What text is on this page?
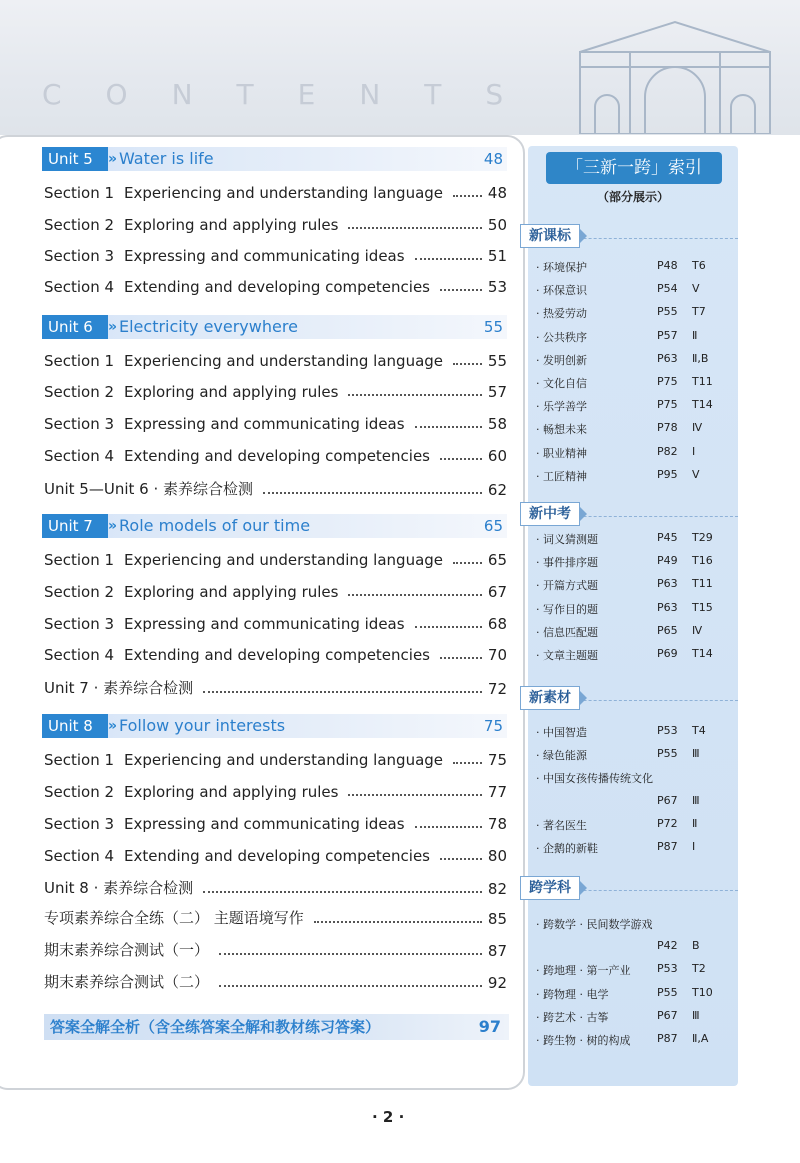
CONTENTS
答案全解全析（含全练答案全解和教材练习答案）	97
「三新一跨」索引
（部分展示）
新课标
· 环境保护	P48 T6
· 环保意识	P54 Ⅴ
· 热爱劳动	P55 T7
· 公共秩序	P57 Ⅱ
· 发明创新	P63 Ⅱ,B
· 文化自信	P75 T11
· 乐学善学	P75 T14
· 畅想未来	P78 Ⅳ
· 职业精神	P82 Ⅰ
· 工匠精神	P95 Ⅴ
新中考
· 词义猜测题	P45 T29
· 事件排序题	P49 T16
· 开篇方式题	P63 T11
· 写作目的题	P63 T15
· 信息匹配题	P65 Ⅳ
· 文章主题题	P69 T14
新素材
· 中国智造	P53 T4
· 绿色能源	P55 Ⅲ
· 中国女孩传播传统文化
P67 Ⅲ
· 著名医生	P72 Ⅱ
· 企鹅的新鞋	P87 Ⅰ
跨学科
· 跨数学 · 民间数学游戏
P42 B
· 跨地理 · 第一产业 P53 T2
· 跨物理 · 电学	P55 T10
· 跨艺术 · 古筝	P67 Ⅲ
· 跨生物 · 树的构成 P87 Ⅱ,A
· 2 ·
Unit 5	» Water is life	48
Section 1 Experiencing and understanding language	48
Section 2 Exploring and applying rules	50
Section 3 Expressing and communicating ideas	51
Section 4 Extending and developing competencies	53
Unit 6	» Electricity everywhere	55
Section 1 Experiencing and understanding language	55
Section 2 Exploring and applying rules	57
Section 3 Expressing and communicating ideas	58
Section 4 Extending and developing competencies	60
Unit 7	» Role models of our time	65
Section 1 Experiencing and understanding language	65
Section 2 Exploring and applying rules	67
Section 3 Expressing and communicating ideas	68
Section 4 Extending and developing competencies	70
Unit 8	» Follow your interests	75
Section 1 Experiencing and understanding language	75
Section 2 Exploring and applying rules	77
Section 3 Expressing and communicating ideas	78
Section 4 Extending and developing competencies	80
Unit 5—Unit 6 · 素养综合检测	62
Unit 7 · 素养综合检测	72
Unit 8 · 素养综合检测	82
专项素养综合全练（二） 主题语境写作	85
期末素养综合测试（一）	87
期末素养综合测试（二）	92
